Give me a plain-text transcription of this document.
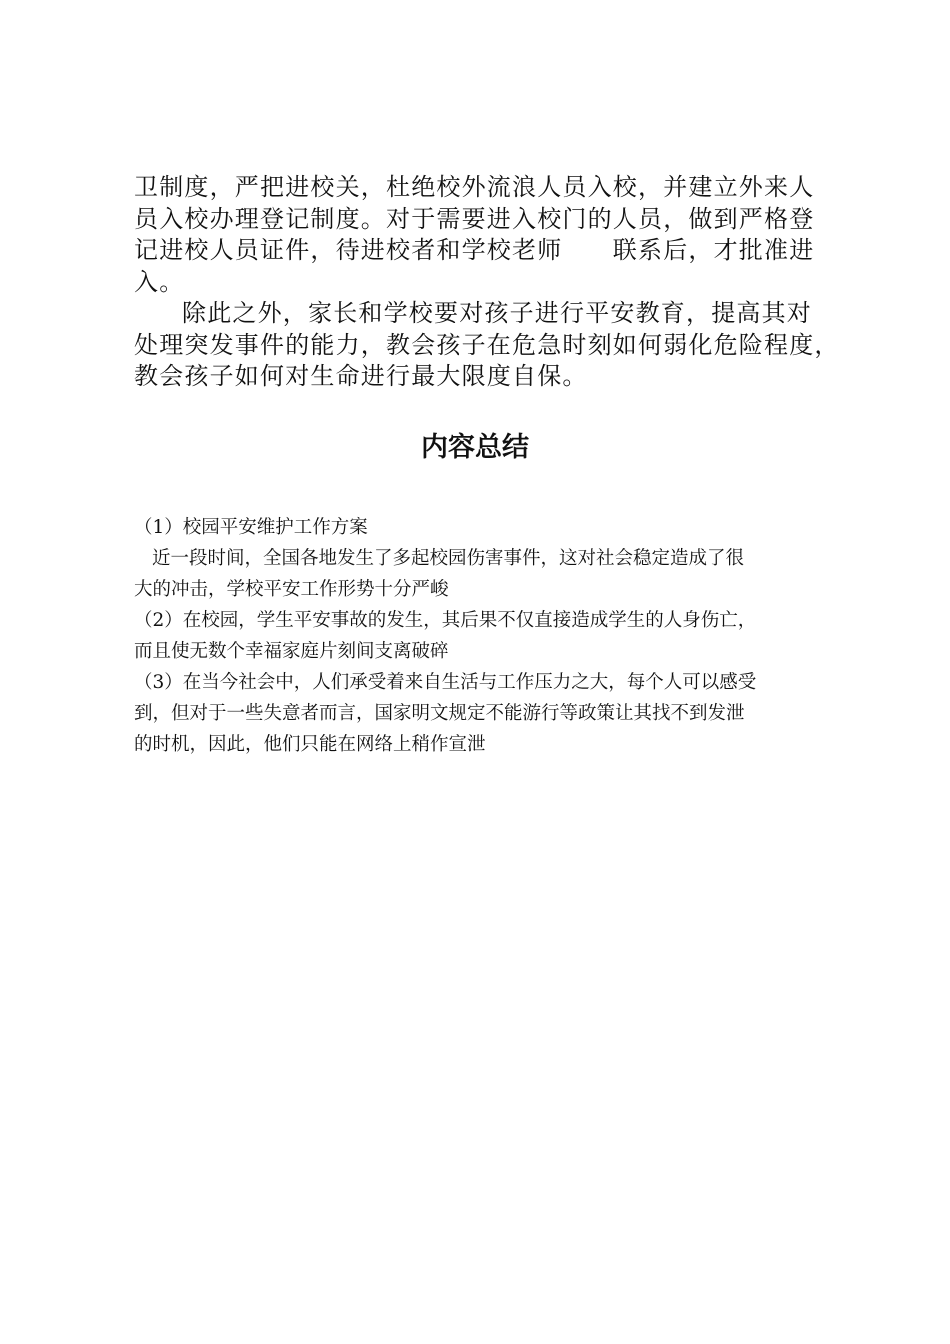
卫制度，严把进校关，杜绝校外流浪人员入校，并建立外来人

员入校办理登记制度。对于需要进入校门的人员，做到严格登

记进校人员证件，待进校者和学校老师　　联系后，才批准进

入。

除此之外，家长和学校要对孩子进行平安教育，提高其对

处理突发事件的能力，教会孩子在危急时刻如何弱化危险程度，

教会孩子如何对生命进行最大限度自保。

内容总结

（1）校园平安维护工作方案

近一段时间，全国各地发生了多起校园伤害事件，这对社会稳定造成了很

大的冲击，学校平安工作形势十分严峻

（2）在校园，学生平安事故的发生，其后果不仅直接造成学生的人身伤亡，

而且使无数个幸福家庭片刻间支离破碎

（3）在当今社会中，人们承受着来自生活与工作压力之大，每个人可以感受

到，但对于一些失意者而言，国家明文规定不能游行等政策让其找不到发泄

的时机，因此，他们只能在网络上稍作宣泄
